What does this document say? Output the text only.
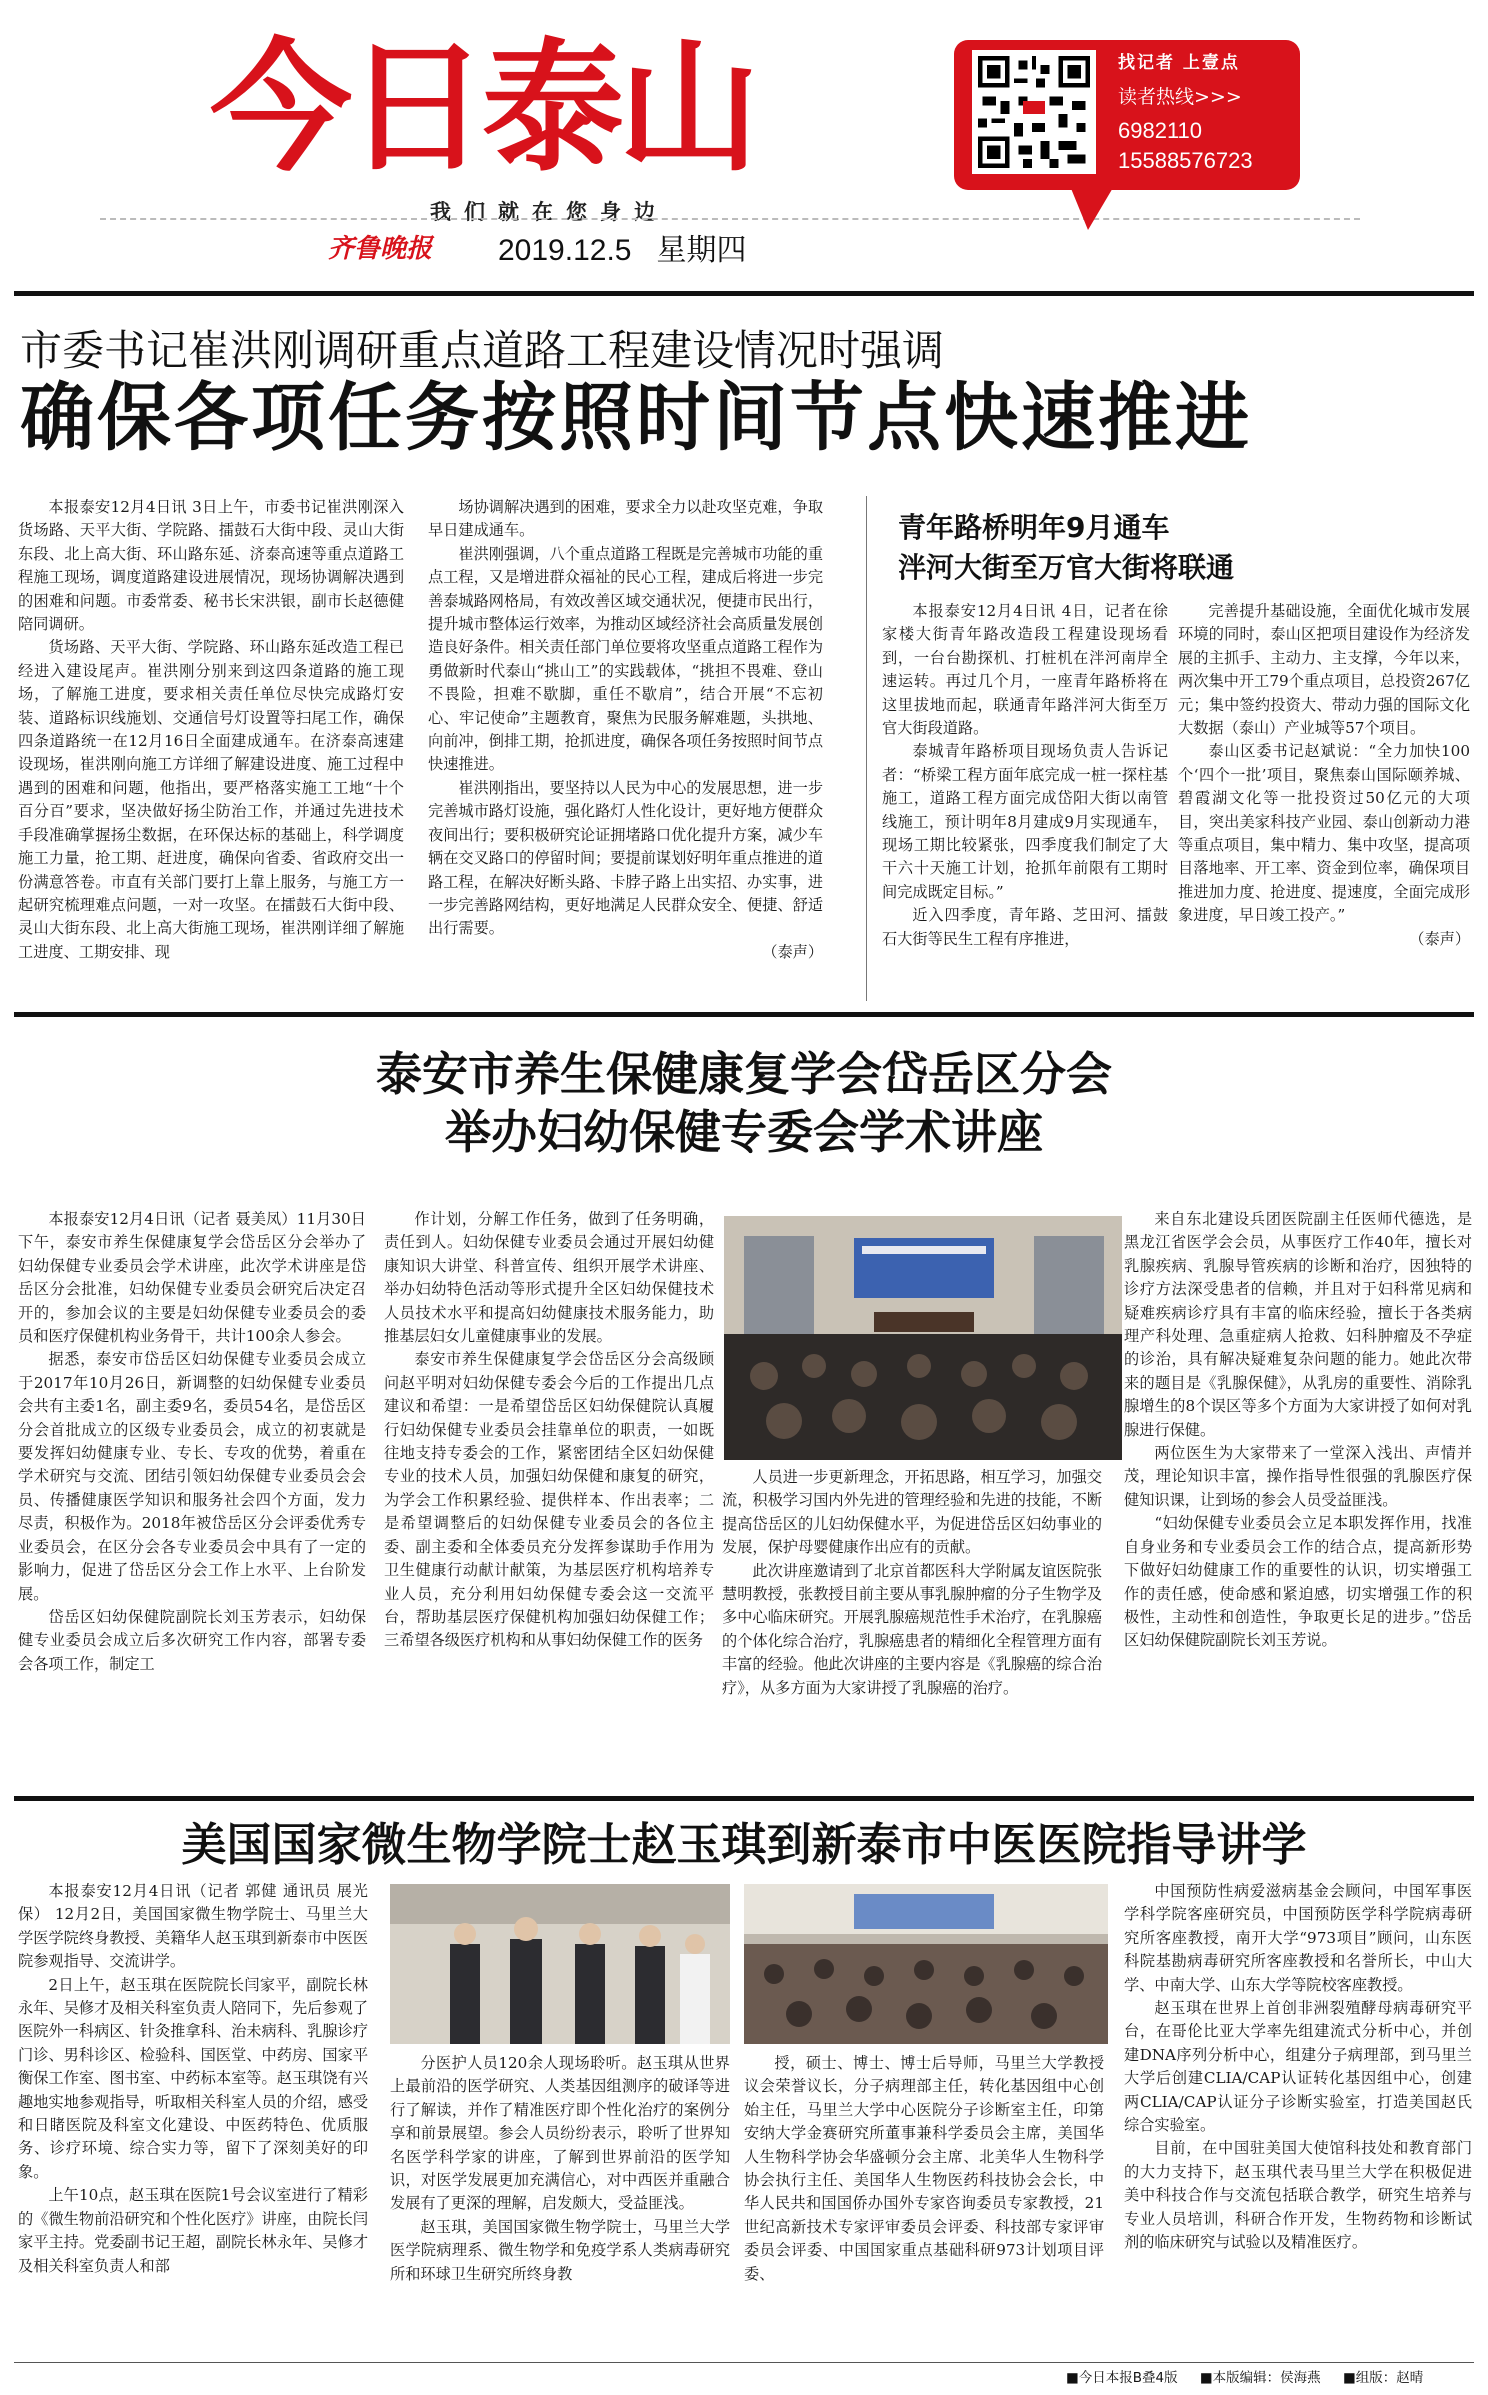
今日泰山
我们就在您身边
齐鲁晚报 2019.12.5 星期四
找记者 上壹点
读者热线>>>
6982110
15588576723
市委书记崔洪刚调研重点道路工程建设情况时强调
确保各项任务按照时间节点快速推进

本报泰安12月4日讯 3日上午，市委书记崔洪刚深入货场路、天平大街、学院路、擂鼓石大街中段、灵山大街东段、北上高大街、环山路东延、济泰高速等重点道路工程施工现场，调度道路建设进展情况，现场协调解决遇到的困难和问题。市委常委、秘书长宋洪银，副市长赵德健陪同调研。

货场路、天平大街、学院路、环山路东延改造工程已经进入建设尾声。崔洪刚分别来到这四条道路的施工现场，了解施工进度，要求相关责任单位尽快完成路灯安装、道路标识线施划、交通信号灯设置等扫尾工作，确保四条道路统一在12月16日全面建成通车。在济泰高速建设现场，崔洪刚向施工方详细了解建设进度、施工过程中遇到的困难和问题，他指出，要严格落实施工工地“十个百分百”要求，坚决做好扬尘防治工作，并通过先进技术手段准确掌握扬尘数据，在环保达标的基础上，科学调度施工力量，抢工期、赶进度，确保向省委、省政府交出一份满意答卷。市直有关部门要打上靠上服务，与施工方一起研究梳理难点问题，一对一攻坚。在擂鼓石大街中段、灵山大街东段、北上高大街施工现场，崔洪刚详细了解施工进度、工期安排、现

场协调解决遇到的困难，要求全力以赴攻坚克难，争取早日建成通车。

崔洪刚强调，八个重点道路工程既是完善城市功能的重点工程，又是增进群众福祉的民心工程，建成后将进一步完善泰城路网格局，有效改善区域交通状况，便捷市民出行，提升城市整体运行效率，为推动区域经济社会高质量发展创造良好条件。相关责任部门单位要将攻坚重点道路工程作为勇做新时代泰山“挑山工”的实践载体，“挑担不畏难、登山不畏险，担难不歇脚，重任不歇肩”，结合开展“不忘初心、牢记使命”主题教育，聚焦为民服务解难题，头拱地、向前冲，倒排工期，抢抓进度，确保各项任务按照时间节点快速推进。

崔洪刚指出，要坚持以人民为中心的发展思想，进一步完善城市路灯设施，强化路灯人性化设计，更好地方便群众夜间出行；要积极研究论证拥堵路口优化提升方案，减少车辆在交叉路口的停留时间；要提前谋划好明年重点推进的道路工程，在解决好断头路、卡脖子路上出实招、办实事，进一步完善路网结构，更好地满足人民群众安全、便捷、舒适出行需要。

（泰声）

青年路桥明年9月通车
泮河大街至万官大街将联通

本报泰安12月4日讯 4日，记者在徐家楼大街青年路改造段工程建设现场看到，一台台勘探机、打桩机在泮河南岸全速运转。再过几个月，一座青年路桥将在这里拔地而起，联通青年路泮河大街至万官大街段道路。

泰城青年路桥项目现场负责人告诉记者：“桥梁工程方面年底完成一桩一探柱基施工，道路工程方面完成岱阳大街以南管线施工，预计明年8月建成9月实现通车，现场工期比较紧张，四季度我们制定了大干六十天施工计划，抢抓年前限有工期时间完成既定目标。”

近入四季度，青年路、芝田河、擂鼓石大街等民生工程有序推进，

完善提升基础设施，全面优化城市发展环境的同时，泰山区把项目建设作为经济发展的主抓手、主动力、主支撑，今年以来，两次集中开工79个重点项目，总投资267亿元；集中签约投资大、带动力强的国际文化大数据（泰山）产业城等57个项目。

泰山区委书记赵斌说：“全力加快100个‘四个一批’项目，聚焦泰山国际颐养城、碧霞湖文化等一批投资过50亿元的大项目，突出美家科技产业园、泰山创新动力港等重点项目，集中精力、集中攻坚，提高项目落地率、开工率、资金到位率，确保项目推进加力度、抢进度、提速度，全面完成形象进度，早日竣工投产。”

（泰声）

泰安市养生保健康复学会岱岳区分会
举办妇幼保健专委会学术讲座

本报泰安12月4日讯（记者 聂美凤）11月30日下午，泰安市养生保健康复学会岱岳区分会举办了妇幼保健专业委员会学术讲座，此次学术讲座是岱岳区分会批准，妇幼保健专业委员会研究后决定召开的，参加会议的主要是妇幼保健专业委员会的委员和医疗保健机构业务骨干，共计100余人参会。

据悉，泰安市岱岳区妇幼保健专业委员会成立于2017年10月26日，新调整的妇幼保健专业委员会共有主委1名，副主委9名，委员54名，是岱岳区分会首批成立的区级专业委员会，成立的初衷就是要发挥妇幼健康专业、专长、专攻的优势，着重在学术研究与交流、团结引领妇幼保健专业委员会会员、传播健康医学知识和服务社会四个方面，发力尽责，积极作为。2018年被岱岳区分会评委优秀专业委员会，在区分会各专业委员会中具有了一定的影响力，促进了岱岳区分会工作上水平、上台阶发展。

岱岳区妇幼保健院副院长刘玉芳表示，妇幼保健专业委员会成立后多次研究工作内容，部署专委会各项工作，制定工

作计划，分解工作任务，做到了任务明确，责任到人。妇幼保健专业委员会通过开展妇幼健康知识大讲堂、科普宣传、组织开展学术讲座、举办妇幼特色活动等形式提升全区妇幼保健技术人员技术水平和提高妇幼健康技术服务能力，助推基层妇女儿童健康事业的发展。

泰安市养生保健康复学会岱岳区分会高级顾问赵平明对妇幼保健专委会今后的工作提出几点建议和希望：一是希望岱岳区妇幼保健院认真履行妇幼保健专业委员会挂靠单位的职责，一如既往地支持专委会的工作，紧密团结全区妇幼保健专业的技术人员，加强妇幼保健和康复的研究，为学会工作积累经验、提供样本、作出表率；二是希望调整后的妇幼保健专业委员会的各位主委、副主委和全体委员充分发挥参谋助手作用为卫生健康行动献计献策，为基层医疗机构培养专业人员，充分利用妇幼保健专委会这一交流平台，帮助基层医疗保健机构加强妇幼保健工作；三希望各级医疗机构和从事妇幼保健工作的医务

人员进一步更新理念，开拓思路，相互学习，加强交流，积极学习国内外先进的管理经验和先进的技能，不断提高岱岳区的儿妇幼保健水平，为促进岱岳区妇幼事业的发展，保护母婴健康作出应有的贡献。

此次讲座邀请到了北京首都医科大学附属友谊医院张慧明教授，张教授目前主要从事乳腺肿瘤的分子生物学及多中心临床研究。开展乳腺癌规范性手术治疗，在乳腺癌的个体化综合治疗，乳腺癌患者的精细化全程管理方面有丰富的经验。他此次讲座的主要内容是《乳腺癌的综合治疗》，从多方面为大家讲授了乳腺癌的治疗。

来自东北建设兵团医院副主任医师代德选，是黑龙江省医学会会员，从事医疗工作40年，擅长对乳腺疾病、乳腺导管疾病的诊断和治疗，因独特的诊疗方法深受患者的信赖，并且对于妇科常见病和疑难疾病诊疗具有丰富的临床经验，擅长于各类病理产科处理、急重症病人抢救、妇科肿瘤及不孕症的诊治，具有解决疑难复杂问题的能力。她此次带来的题目是《乳腺保健》，从乳房的重要性、消除乳腺增生的8个误区等多个方面为大家讲授了如何对乳腺进行保健。

两位医生为大家带来了一堂深入浅出、声情并茂，理论知识丰富，操作指导性很强的乳腺医疗保健知识课，让到场的参会人员受益匪浅。

“妇幼保健专业委员会立足本职发挥作用，找准自身业务和专业委员会工作的结合点，提高新形势下做好妇幼健康工作的重要性的认识，切实增强工作的责任感，使命感和紧迫感，切实增强工作的积极性，主动性和创造性，争取更长足的进步。”岱岳区妇幼保健院副院长刘玉芳说。

美国国家微生物学院士赵玉琪到新泰市中医医院指导讲学

本报泰安12月4日讯（记者 郭健 通讯员 展光保） 12月2日，美国国家微生物学院士、马里兰大学医学院终身教授、美籍华人赵玉琪到新泰市中医医院参观指导、交流讲学。

2日上午，赵玉琪在医院院长闫家平，副院长林永年、吴修才及相关科室负责人陪同下，先后参观了医院外一科病区、针灸推拿科、治未病科、乳腺诊疗门诊、男科诊区、检验科、国医堂、中药房、国家平衡保工作室、图书室、中药标本室等。赵玉琪饶有兴趣地实地参观指导，听取相关科室人员的介绍，感受和日睹医院及科室文化建设、中医药特色、优质服务、诊疗环境、综合实力等，留下了深刻美好的印象。

上午10点，赵玉琪在医院1号会议室进行了精彩的《微生物前沿研究和个性化医疗》讲座，由院长闫家平主持。党委副书记王超，副院长林永年、吴修才及相关科室负责人和部

分医护人员120余人现场聆听。赵玉琪从世界上最前沿的医学研究、人类基因组测序的破译等进行了解读，并作了精准医疗即个性化治疗的案例分享和前景展望。参会人员纷纷表示，聆听了世界知名医学科学家的讲座，了解到世界前沿的医学知识，对医学发展更加充满信心，对中西医并重融合发展有了更深的理解，启发颇大，受益匪浅。

赵玉琪，美国国家微生物学院士，马里兰大学医学院病理系、微生物学和免疫学系人类病毒研究所和环球卫生研究所终身教

授，硕士、博士、博士后导师，马里兰大学教授议会荣誉议长，分子病理部主任，转化基因组中心创始主任，马里兰大学中心医院分子诊断室主任，印第安纳大学金赛研究所董事兼科学委员会主席，美国华人生物科学协会华盛顿分会主席、北美华人生物科学协会执行主任、美国华人生物医药科技协会会长，中华人民共和国国侨办国外专家咨询委员专家教授，21世纪高新技术专家评审委员会评委、科技部专家评审委员会评委、中国国家重点基础科研973计划项目评委、

中国预防性病爱滋病基金会顾问，中国军事医学科学院客座研究员，中国预防医学科学院病毒研究所客座教授，南开大学“973项目”顾问，山东医科院基勘病毒研究所客座教授和名誉所长，中山大学、中南大学、山东大学等院校客座教授。

赵玉琪在世界上首创非洲裂殖酵母病毒研究平台，在哥伦比亚大学率先组建流式分析中心，并创建DNA序列分析中心，组建分子病理部，到马里兰大学后创建CLIA/CAP认证转化基因组中心，创建两CLIA/CAP认证分子诊断实验室，打造美国赵氏综合实验室。

目前，在中国驻美国大使馆科技处和教育部门的大力支持下，赵玉琪代表马里兰大学在积极促进美中科技合作与交流包括联合教学，研究生培养与专业人员培训，科研合作开发，生物药物和诊断试剂的临床研究与试验以及精准医疗。

■今日本报B叠4版 ■本版编辑：侯海燕 ■组版：赵晴
